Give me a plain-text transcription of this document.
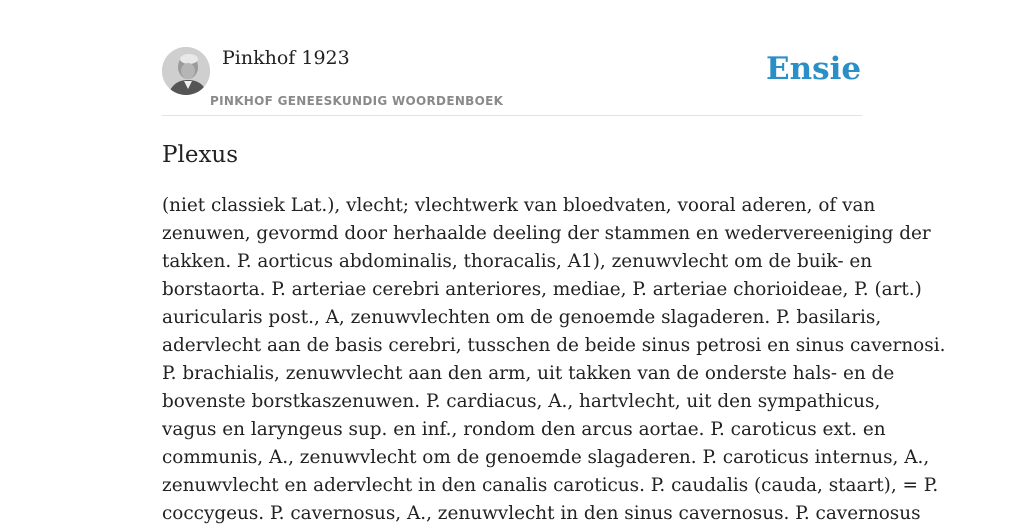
Pinkhof 1923
PINKHOF GENEESKUNDIG WOORDENBOEK
Ensie
Plexus
(niet classiek Lat.), vlecht; vlechtwerk van bloedvaten, vooral aderen, of van
zenuwen, gevormd door herhaalde deeling der stammen en wedervereeniging der
takken. P. aorticus abdominalis, thoracalis, A1), zenuwvlecht om de buik- en
borstaorta. P. arteriae cerebri anteriores, mediae, P. arteriae chorioideae, P. (art.)
auricularis post., A, zenuwvlechten om de genoemde slagaderen. P. basilaris,
adervlecht aan de basis cerebri, tusschen de beide sinus petrosi en sinus cavernosi.
P. brachialis, zenuwvlecht aan den arm, uit takken van de onderste hals- en de
bovenste borstkaszenuwen. P. cardiacus, A., hartvlecht, uit den sympathicus,
vagus en laryngeus sup. en inf., rondom den arcus aortae. P. caroticus ext. en
communis, A., zenuwvlecht om de genoemde slagaderen. P. caroticus internus, A.,
zenuwvlecht en adervlecht in den canalis caroticus. P. caudalis (cauda, staart), = P.
coccygeus. P. cavernosus, A., zenuwvlecht in den sinus cavernosus. P. cavernosus
